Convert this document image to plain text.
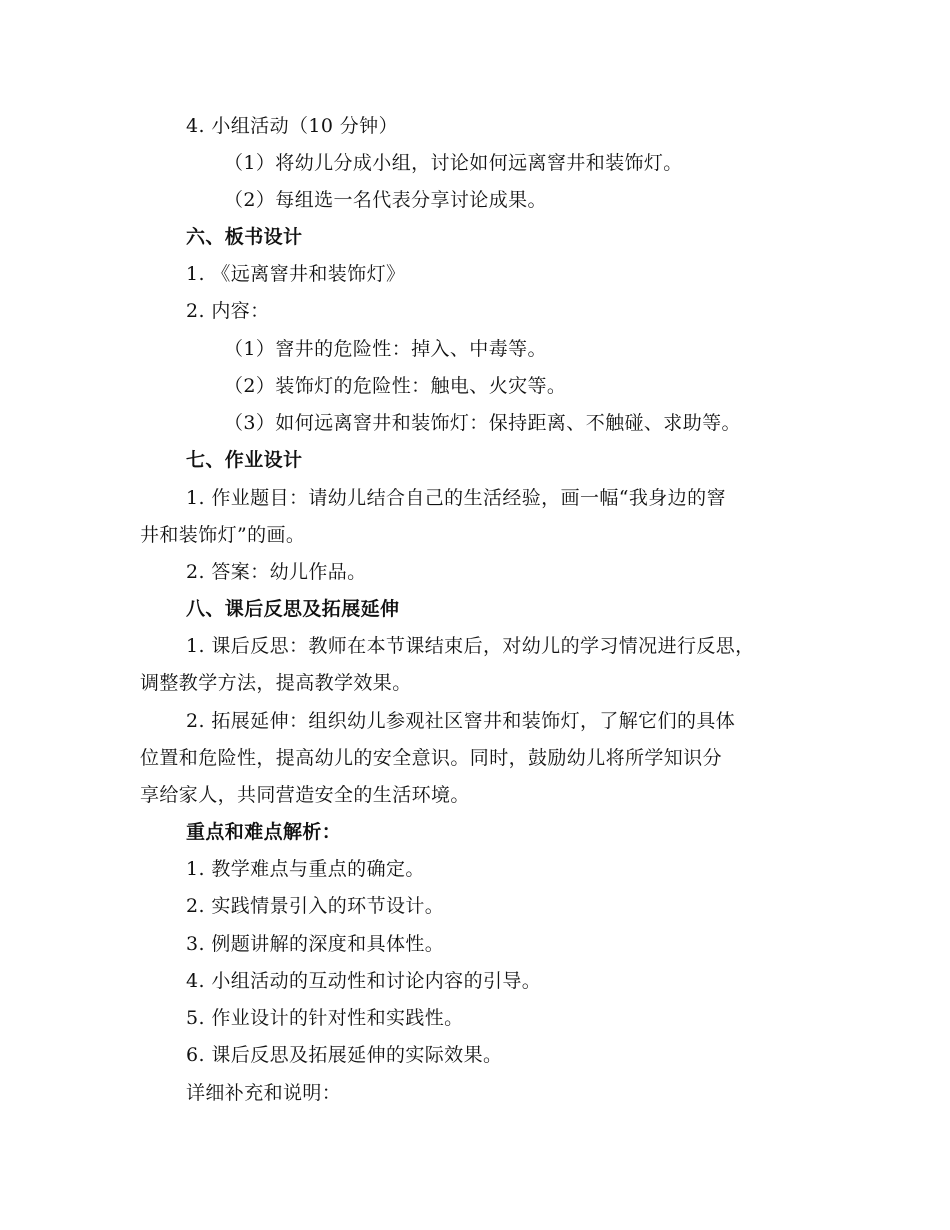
4. 小组活动（10 分钟）
（1）将幼儿分成小组，讨论如何远离窨井和装饰灯。
（2）每组选一名代表分享讨论成果。
六、板书设计
1. 《远离窨井和装饰灯》
2. 内容：
（1）窨井的危险性：掉入、中毒等。
（2）装饰灯的危险性：触电、火灾等。
（3）如何远离窨井和装饰灯：保持距离、不触碰、求助等。
七、作业设计
1. 作业题目：请幼儿结合自己的生活经验，画一幅“我身边的窨
井和装饰灯”的画。
2. 答案：幼儿作品。
八、课后反思及拓展延伸
1. 课后反思：教师在本节课结束后，对幼儿的学习情况进行反思，
调整教学方法，提高教学效果。
2. 拓展延伸：组织幼儿参观社区窨井和装饰灯，了解它们的具体
位置和危险性，提高幼儿的安全意识。同时，鼓励幼儿将所学知识分
享给家人，共同营造安全的生活环境。
重点和难点解析：
1. 教学难点与重点的确定。
2. 实践情景引入的环节设计。
3. 例题讲解的深度和具体性。
4. 小组活动的互动性和讨论内容的引导。
5. 作业设计的针对性和实践性。
6. 课后反思及拓展延伸的实际效果。
详细补充和说明：
